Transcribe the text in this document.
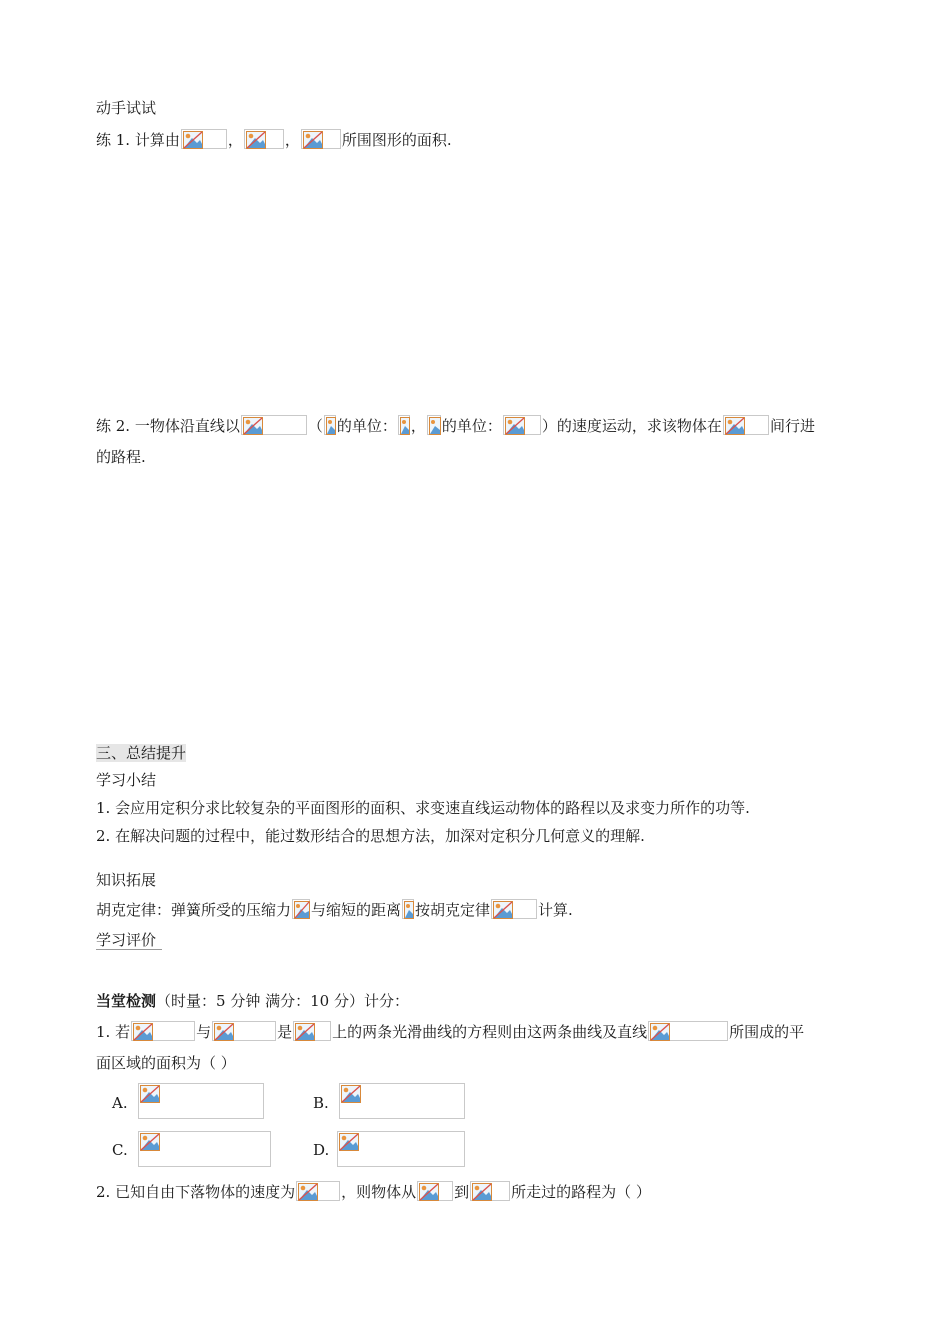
动手试试
练 1. 计算由	，	，	所围图形的面积.
练 2. 一物体沿直线以	（ 的单位： ， 的单位：	）的速度运动，求该物体在	间行进
的路程.
三、总结提升
学习小结
1. 会应用定积分求比较复杂的平面图形的面积、求变速直线运动物体的路程以及求变力所作的功等.
2. 在解决问题的过程中，能过数形结合的思想方法，加深对定积分几何意义的理解.
知识拓展
胡克定律：弹簧所受的压缩力 与缩短的距离 按胡克定律	计算.
学习评价
当堂检测（时量：5 分钟 满分：10 分）计分：
1. 若	与	是	上的两条光滑曲线的方程则由这两条曲线及直线	所围成的平
面区域的面积为（ ）
A.	B.
C.	D.
2. 已知自由下落物体的速度为	，则物体从	到	所走过的路程为（ ）
